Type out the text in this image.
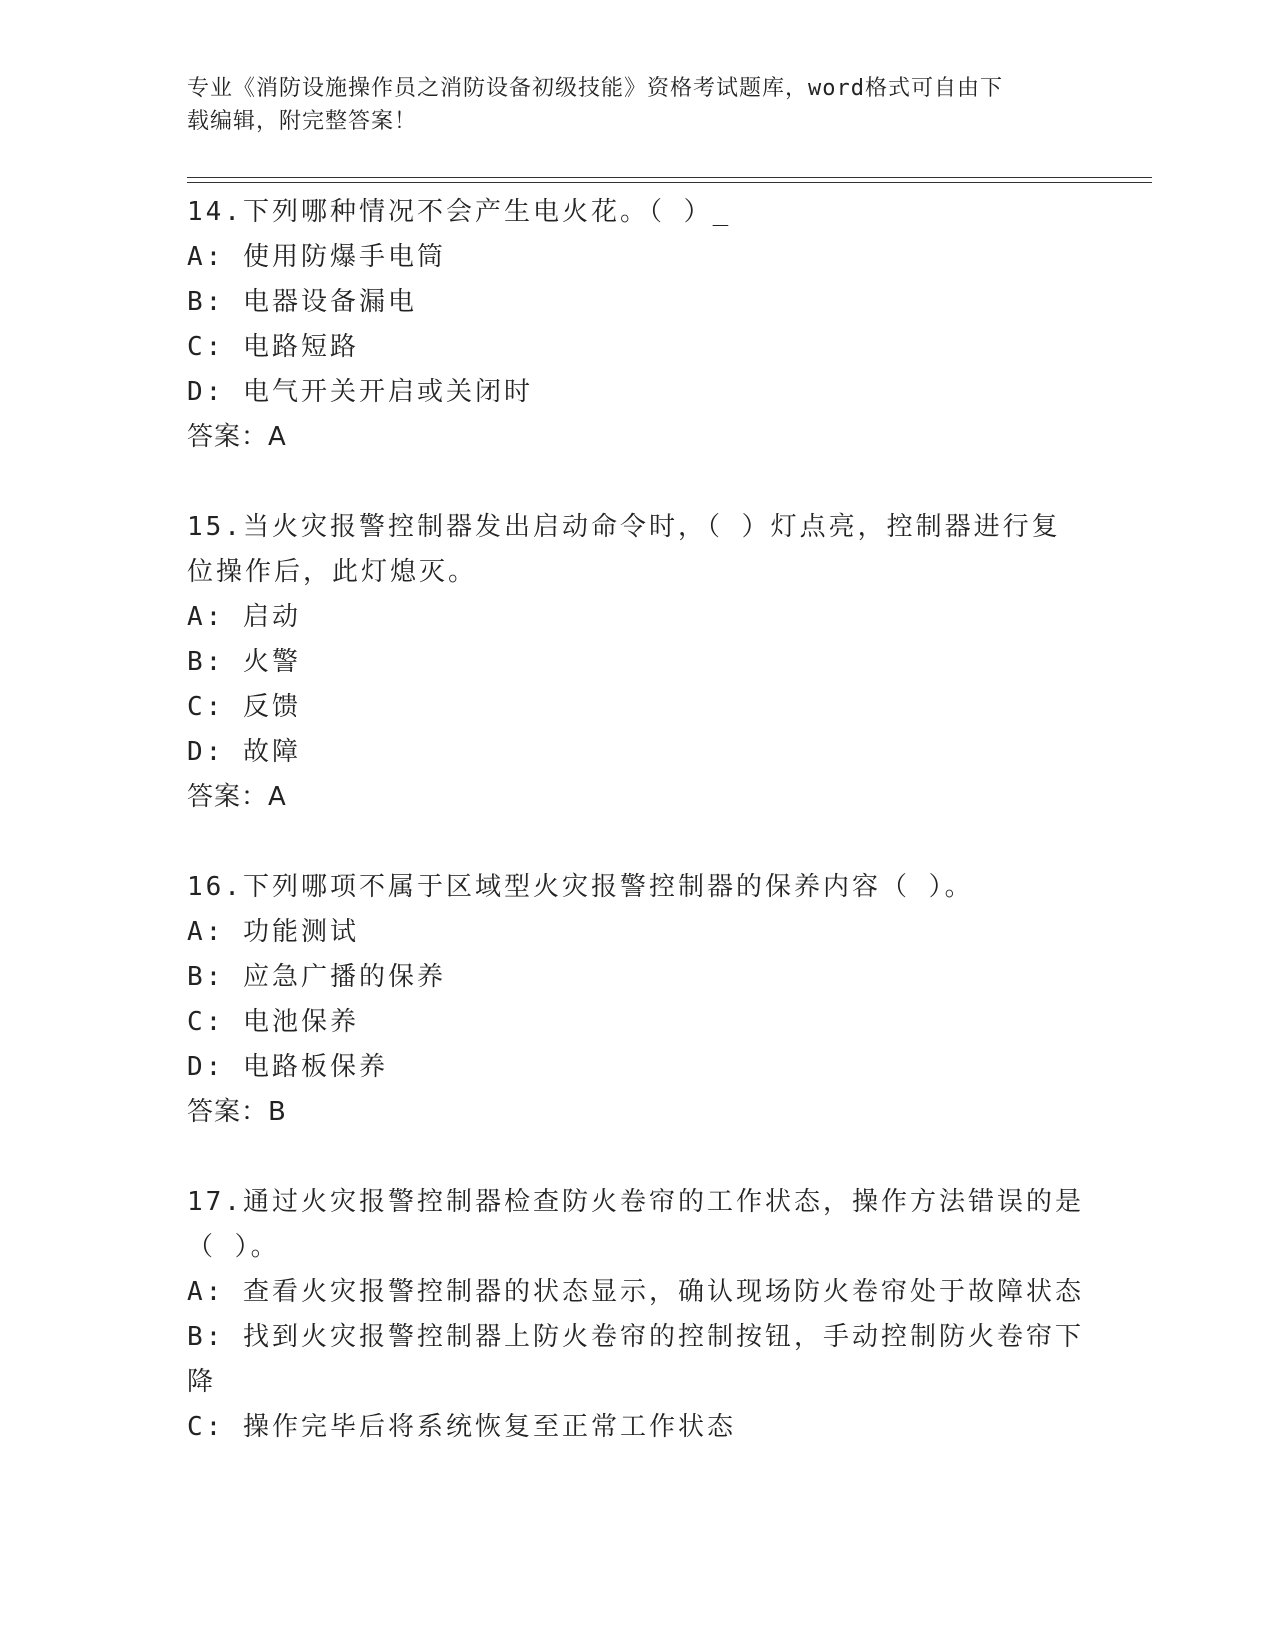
专业《消防设施操作员之消防设备初级技能》资格考试题库，word格式可自由下
载编辑，附完整答案！
14.下列哪种情况不会产生电火花。（ ）_
A: 使用防爆手电筒
B: 电器设备漏电
C: 电路短路
D: 电气开关开启或关闭时
答案：A
15.当火灾报警控制器发出启动命令时，（ ）灯点亮，控制器进行复位操作后，此灯熄灭。
A: 启动
B: 火警
C: 反馈
D: 故障
答案：A
16.下列哪项不属于区域型火灾报警控制器的保养内容（ ）。
A: 功能测试
B: 应急广播的保养
C: 电池保养
D: 电路板保养
答案：B
17.通过火灾报警控制器检查防火卷帘的工作状态，操作方法错误的是（ ）。
A: 查看火灾报警控制器的状态显示，确认现场防火卷帘处于故障状态
B: 找到火灾报警控制器上防火卷帘的控制按钮，手动控制防火卷帘下降
C: 操作完毕后将系统恢复至正常工作状态
